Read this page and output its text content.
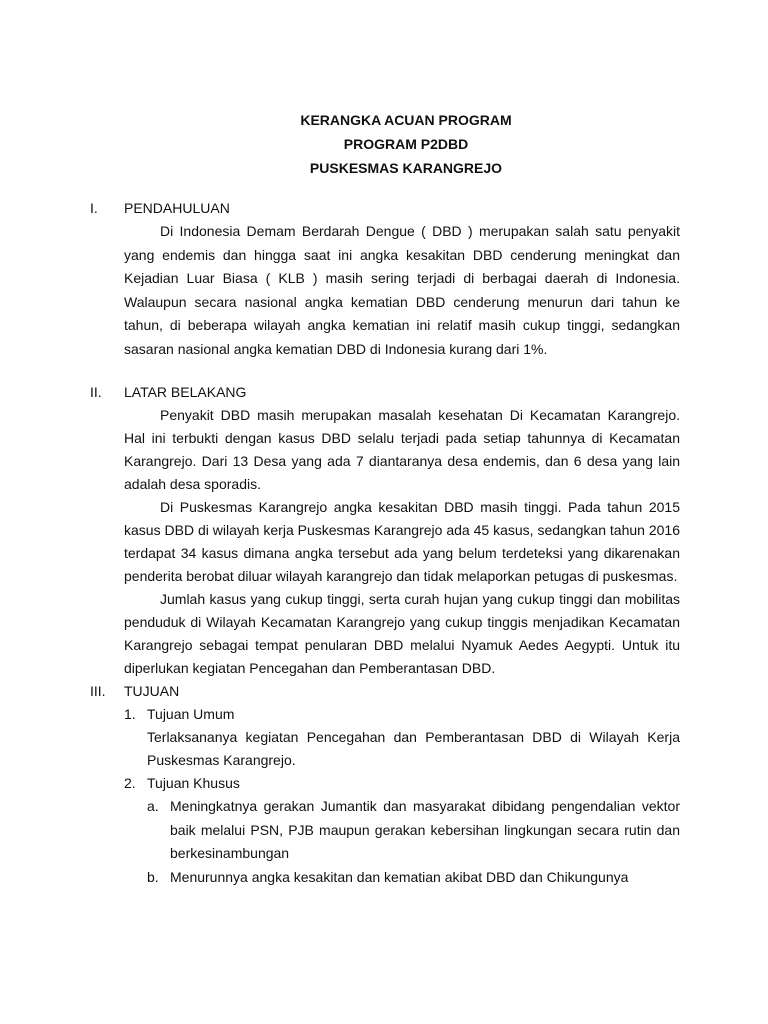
KERANGKA ACUAN PROGRAM
PROGRAM P2DBD
PUSKESMAS KARANGREJO
I. PENDAHULUAN
Di Indonesia Demam Berdarah Dengue ( DBD ) merupakan salah satu penyakit yang endemis dan hingga saat ini angka kesakitan DBD cenderung meningkat dan Kejadian Luar Biasa ( KLB ) masih sering terjadi di berbagai daerah di Indonesia. Walaupun secara nasional angka kematian DBD cenderung menurun dari tahun ke tahun, di beberapa wilayah angka kematian ini relatif masih cukup tinggi, sedangkan sasaran nasional angka kematian DBD di Indonesia kurang dari 1%.
II. LATAR BELAKANG
Penyakit DBD masih merupakan masalah kesehatan Di Kecamatan Karangrejo. Hal ini terbukti dengan kasus DBD selalu terjadi pada setiap tahunnya di Kecamatan Karangrejo. Dari 13 Desa yang ada 7 diantaranya desa endemis, dan 6 desa yang lain adalah desa sporadis.
Di Puskesmas Karangrejo angka kesakitan DBD masih tinggi. Pada tahun 2015 kasus DBD di wilayah kerja Puskesmas Karangrejo ada 45 kasus, sedangkan tahun 2016 terdapat 34 kasus dimana angka tersebut ada yang belum terdeteksi yang dikarenakan penderita berobat diluar wilayah karangrejo dan tidak melaporkan petugas di puskesmas.
Jumlah kasus yang cukup tinggi, serta curah hujan yang cukup tinggi dan mobilitas penduduk di Wilayah Kecamatan Karangrejo yang cukup tinggis menjadikan Kecamatan Karangrejo sebagai tempat penularan DBD melalui Nyamuk Aedes Aegypti. Untuk itu diperlukan kegiatan Pencegahan dan Pemberantasan DBD.
III. TUJUAN
1. Tujuan Umum
Terlaksananya kegiatan Pencegahan dan Pemberantasan DBD di Wilayah Kerja Puskesmas Karangrejo.
2. Tujuan Khusus
a. Meningkatnya gerakan Jumantik dan masyarakat dibidang pengendalian vektor baik melalui PSN, PJB maupun gerakan kebersihan lingkungan secara rutin dan berkesinambungan
b. Menurunnya angka kesakitan dan kematian akibat DBD dan Chikungunya
